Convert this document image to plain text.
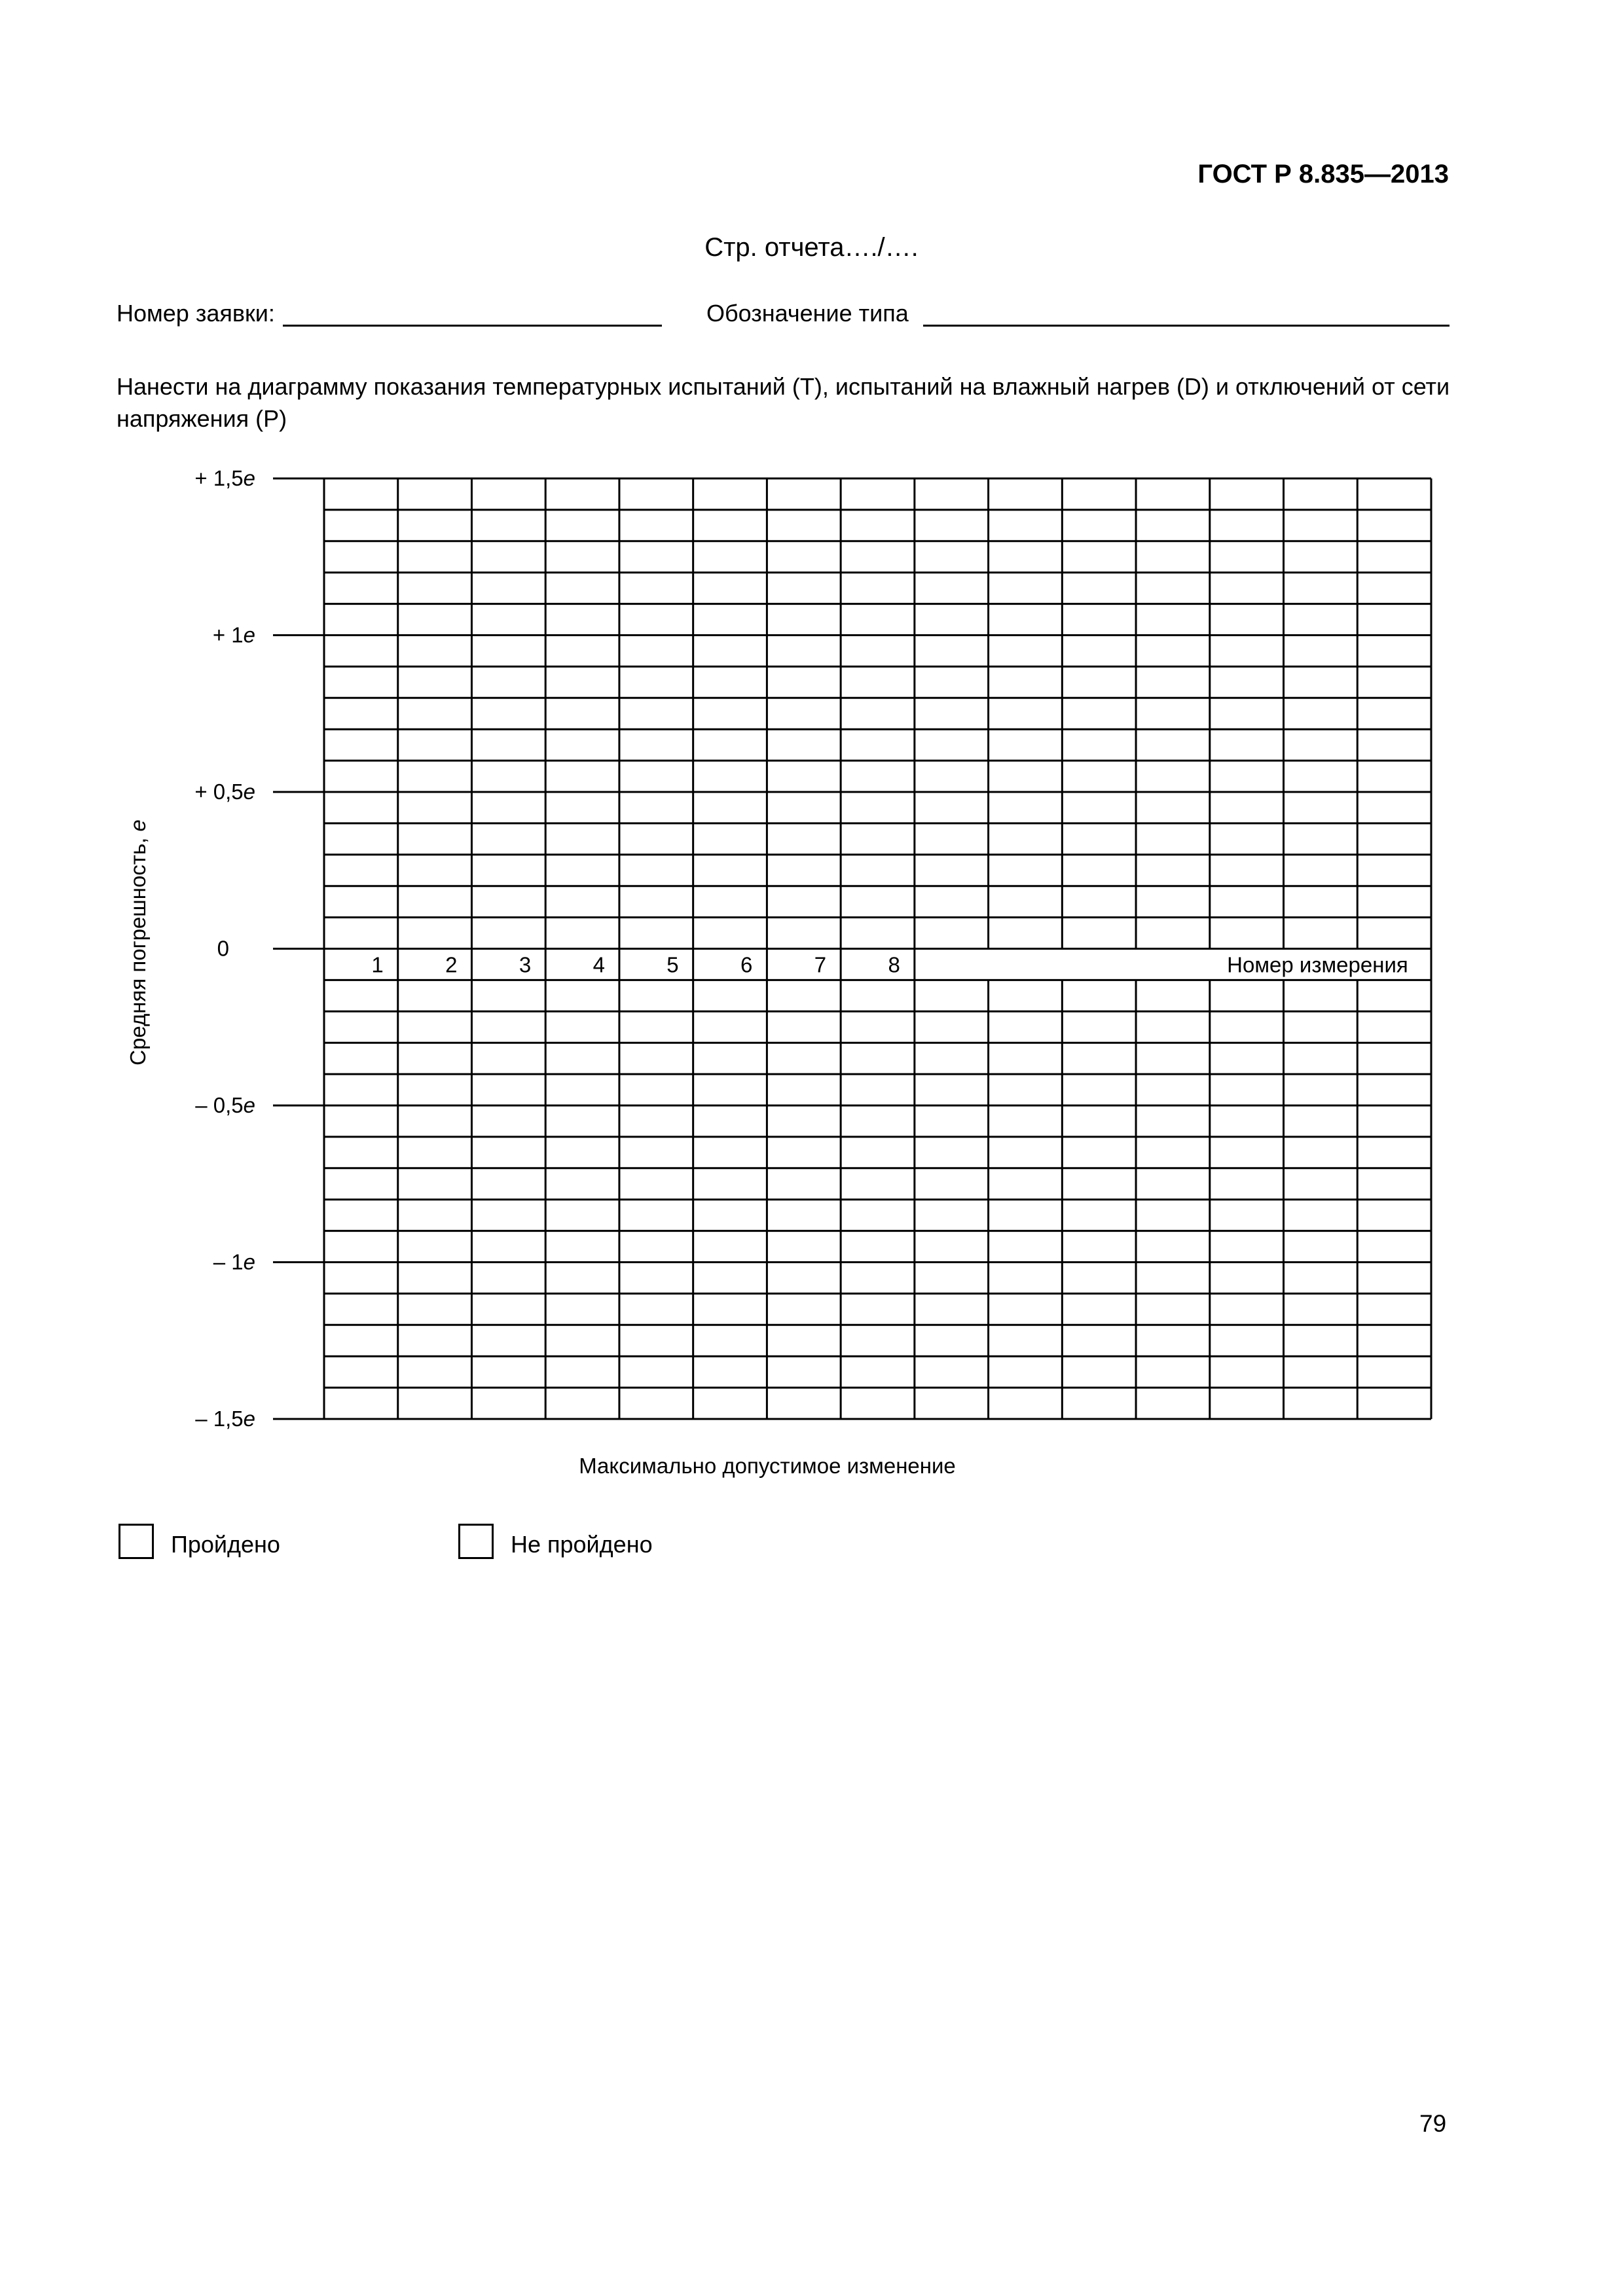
ГОСТ Р 8.835—2013
Стр. отчета…./….
Номер заявки:	Обозначение типа
Нанести на диаграмму показания температурных испытаний (Т), испытаний на влажный нагрев (D) и отключений от сети напряжения (Р)
Средняя погрешность, e
+ 1,5e
+ 1e
+ 0,5e
0
– 0,5e
– 1e
– 1,5e
1	2	3	4	5	6	7	8	Номер измерения
Максимально допустимое изменение
Пройдено	Не пройдено
79
